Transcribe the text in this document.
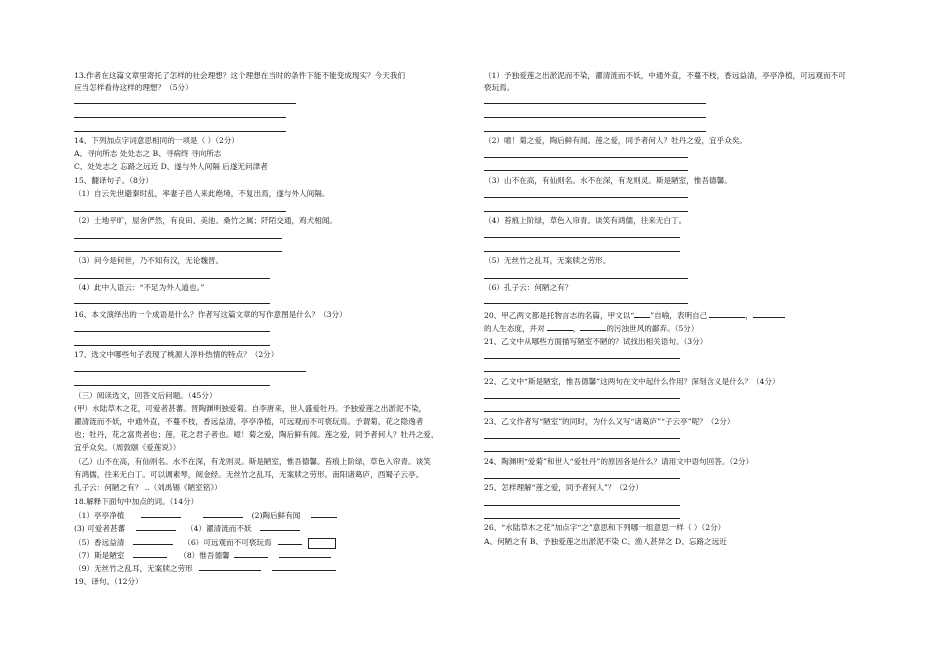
13.作者在这篇文章里寄托了怎样的社会理想？这个理想在当时的条件下能不能变成现实？今天我们
应当怎样看待这样的理想？（5分）
14、下列加点字词意思相同的一项是（ ）（2分）
A、寻向所志 处处志之 B、寻病终 寻向所志
C、处处志之 忘路之远近 D、遂与外人间隔 后遂无问津者
15、翻译句子。（8分）
（1）自云先世避秦时乱，率妻子邑人来此绝境，不复出焉，遂与外人间隔。
（2）土地平旷，屋舍俨然，有良田、美池、桑竹之属；阡陌交通，鸡犬相闻。
（3）问今是何世，乃不知有汉，无论魏晋。
（4）此中人语云：“不足为外人道也。”
16、本文演绎出的一个成语是什么？作者写这篇文章的写作意图是什么？（3分）
17、选文中哪些句子表现了桃源人淳朴热情的特点？（2分）
（三）阅读选文，回答文后问题。（45分）
(甲）水陆草木之花，可爱者甚蕃。晋陶渊明独爱菊。自李唐来，世人盛爱牡丹。予独爱莲之出淤泥不染，
濯清涟而不妖，中通外直，不蔓不枝，香远益清，亭亭净植，可远观而不可亵玩焉。予谓菊，花之隐逸者
也；牡丹，花之富贵者也；莲，花之君子者也。噫！菊之爱，陶后鲜有闻。莲之爱，同予者何人？牡丹之爱，
宜乎众矣。（周敦颐《爱莲说》）
（乙）山不在高，有仙则名。水不在深，有龙则灵。斯是陋室，惟吾德馨。苔痕上阶绿，草色入帘青。谈笑
有鸿儒，往来无白丁。可以调素琴，阅金经。无丝竹之乱耳，无案牍之劳形。南阳诸葛庐，西蜀子云亭。
孔子云：何陋之有？ ..（刘禹锡《陋室铭》）
18.解释下面句中加点的词。（14分）
（1）亭亭净植	(2)陶后鲜有闻
(3) 可爱者甚蕃	（4）濯清涟而不妖
（5）香远益清	（6）可远观而不可亵玩焉
（7）斯是陋室	（8）惟吾德馨
（9）无丝竹之乱耳，无案牍之劳形
19、译句。（12分）
（1）予独爱莲之出淤泥而不染，濯清涟而不妖，中通外直，不蔓不枝，香远益清，亭亭净植，可远观而不可
亵玩焉。
（2）噫！菊之爱，陶后鲜有闻。莲之爱，同予者何人？牡丹之爱，宜乎众矣。
（3）山不在高，有仙则名。水不在深，有龙则灵。斯是陋室，惟吾德馨。
（4）苔痕上阶绿，草色入帘青。谈笑有鸿儒，往来无白丁。
（5）无丝竹之乱耳，无案牍之劳形。
（6）孔子云：何陋之有？
20、甲乙两文都是托物言志的名篇，甲文以“ ”自喻，表明自己	，
的人生态度，并对	，	的污浊世风的鄙弃。（5分）
21、乙文中从哪些方面描写陋室不陋的？试找出相关语句。（3分）
22、乙文中“斯是陋室，惟吾德馨”这两句在文中起什么作用？深刻含义是什么？（4分）
23、乙文作者写“陋室”的同时，为什么又写“诸葛庐”“子云亭”呢？（2分）
24、陶渊明“爱菊”和世人“爱牡丹”的原因各是什么？请用文中语句回答。（2分）
25、怎样理解“莲之爱，同予者何人”？（2分）
26、“水陆草木之花”加点字“之”意思和下列哪一组意思一样（ ）（2分）
A、何陋之有 B、予独爱莲之出淤泥不染 C、渔人甚异之 D、忘路之远近
